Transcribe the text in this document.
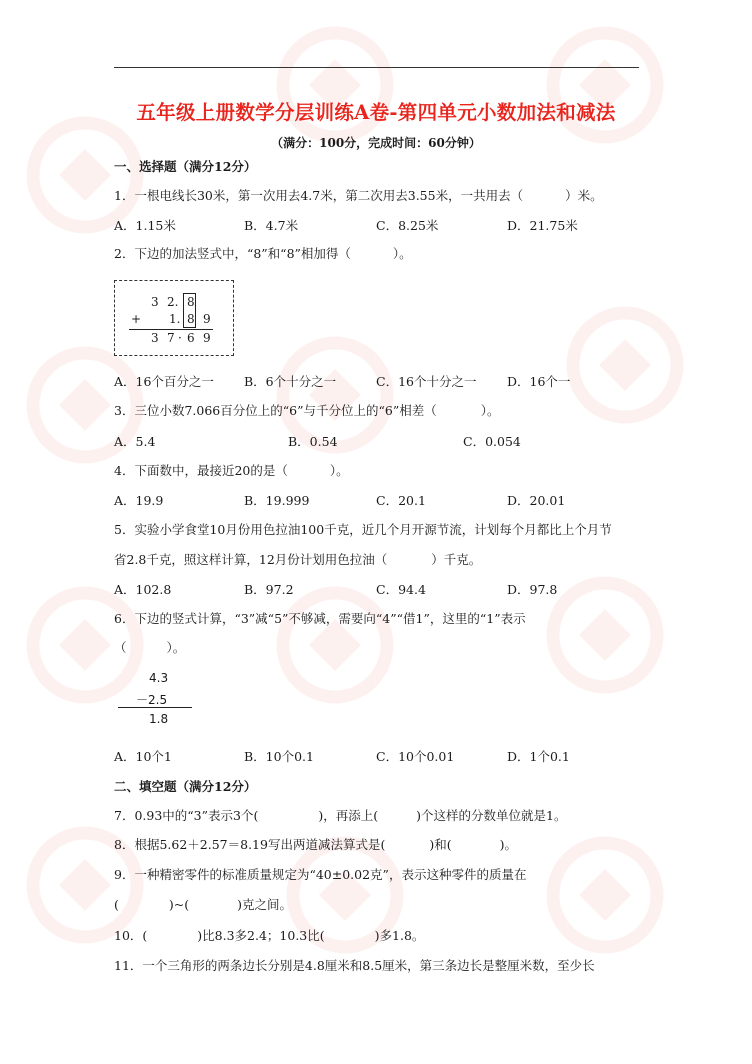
五年级上册数学分层训练A卷-第四单元小数加法和减法
（满分：100分，完成时间：60分钟）
一、选择题（满分12分）
1．一根电线长30米，第一次用去4.7米，第二次用去3.55米，一共用去（	）米。
A．1.15米	B．4.7米	C．8.25米	D．21.75米
2．下边的加法竖式中，“8”和“8”相加得（	）。
3 2. 8
+ 1. 8 9
3 7 · 6 9
A．16个百分之一 B．6个十分之一	C．16个十分之一 D．16个一
3．三位小数7.066百分位上的“6”与千分位上的“6”相差（	）。
A．5.4	B．0.54	C．0.054
4．下面数中，最接近20的是（	）。
A．19.9	B．19.999	C．20.1	D．20.01
5．实验小学食堂10月份用色拉油100千克，近几个月开源节流，计划每个月都比上个月节
省2.8千克，照这样计算，12月份计划用色拉油（	）千克。
A．102.8	B．97.2	C．94.4	D．97.8
6．下边的竖式计算，“3”减“5”不够减，需要向“4”“借1”，这里的“1”表示
（	）。
4.3
－2.5
1.8
A．10个1	B．10个0.1	C．10个0.01	D．1个0.1
二、填空题（满分12分）
7．0.93中的“3”表示3个(	)，再添上(	)个这样的分数单位就是1。
8．根据5.62＋2.57＝8.19写出两道减法算式是(	)和(	)。
9．一种精密零件的标准质量规定为“40±0.02克”，表示这种零件的质量在
(	)~(	)克之间。
10．(	)比8.3多2.4；10.3比(	)多1.8。
11．一个三角形的两条边长分别是4.8厘米和8.5厘米，第三条边长是整厘米数，至少长
